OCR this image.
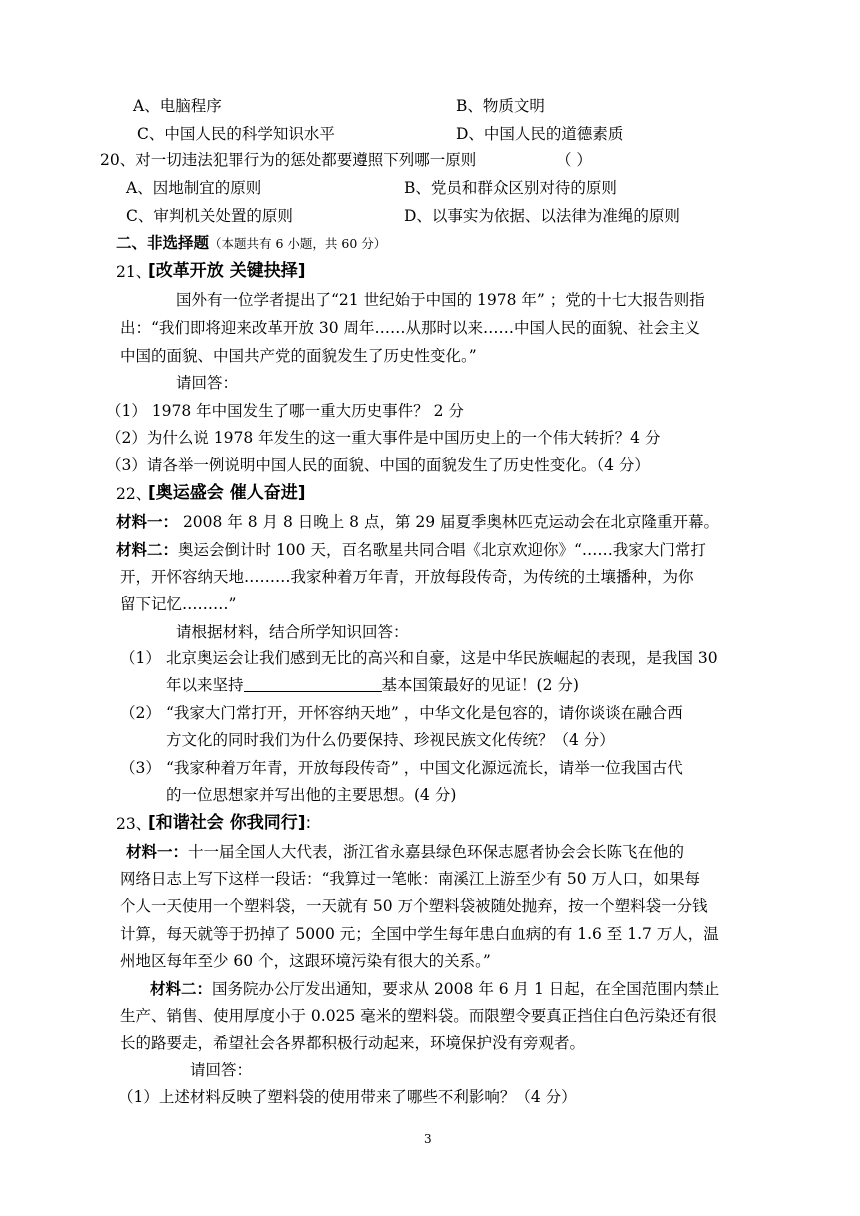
A、电脑程序	B、物质文明
C、中国人民的科学知识水平	D、中国人民的道德素质
20、对一切违法犯罪行为的惩处都要遵照下列哪一原则	（ ）
A、因地制宜的原则	B、党员和群众区别对待的原则
C、审判机关处置的原则	D、以事实为依据、以法律为准绳的原则
二、非选择题（本题共有 6 小题，共 60 分）
21、
[改革开放 关键抉择]
国外有一位学者提出了“21 世纪始于中国的 1978 年” ；党的十七大报告则指
出：“我们即将迎来改革开放 30 周年……从那时以来……中国人民的面貌、社会主义
中国的面貌、中国共产党的面貌发生了历史性变化。”
请回答：
（1） 1978 年中国发生了哪一重大历史事件？ 2 分
（2）为什么说 1978 年发生的这一重大事件是中国历史上的一个伟大转折？4 分
（3）请各举一例说明中国人民的面貌、中国的面貌发生了历史性变化。（4 分）
22、
[奥运盛会 催人奋进]
材料一： 2008 年 8 月 8 日晚上 8 点，第 29 届夏季奥林匹克运动会在北京隆重开幕。
材料二：奥运会倒计时 100 天，百名歌星共同合唱《北京欢迎你》“……我家大门常打
开，开怀容纳天地………我家种着万年青，开放每段传奇，为传统的土壤播种，为你
留下记忆………”
请根据材料，结合所学知识回答：
（1） 北京奥运会让我们感到无比的高兴和自豪，这是中华民族崛起的表现，是我国 30
年以来坚持	基本国策最好的见证！(2 分)
（2） “我家大门常打开，开怀容纳天地” ，中华文化是包容的，请你谈谈在融合西
方文化的同时我们为什么仍要保持、珍视民族文化传统？（4 分）
（3） “我家种着万年青，开放每段传奇” ，中国文化源远流长，请举一位我国古代
的一位思想家并写出他的主要思想。(4 分)
23、
[和谐社会 你我同行]:
材料一：十一届全国人大代表，浙江省永嘉县绿色环保志愿者协会会长陈飞在他的
网络日志上写下这样一段话：“我算过一笔帐：南溪江上游至少有 50 万人口，如果每
个人一天使用一个塑料袋，一天就有 50 万个塑料袋被随处抛弃，按一个塑料袋一分钱
计算，每天就等于扔掉了 5000 元；全国中学生每年患白血病的有 1.6 至 1.7 万人，温
州地区每年至少 60 个，这跟环境污染有很大的关系。”
材料二：国务院办公厅发出通知，要求从 2008 年 6 月 1 日起，在全国范围内禁止
生产、销售、使用厚度小于 0.025 毫米的塑料袋。而限塑令要真正挡住白色污染还有很
长的路要走，希望社会各界都积极行动起来，环境保护没有旁观者。
请回答：
（1）上述材料反映了塑料袋的使用带来了哪些不利影响？（4 分）
3
